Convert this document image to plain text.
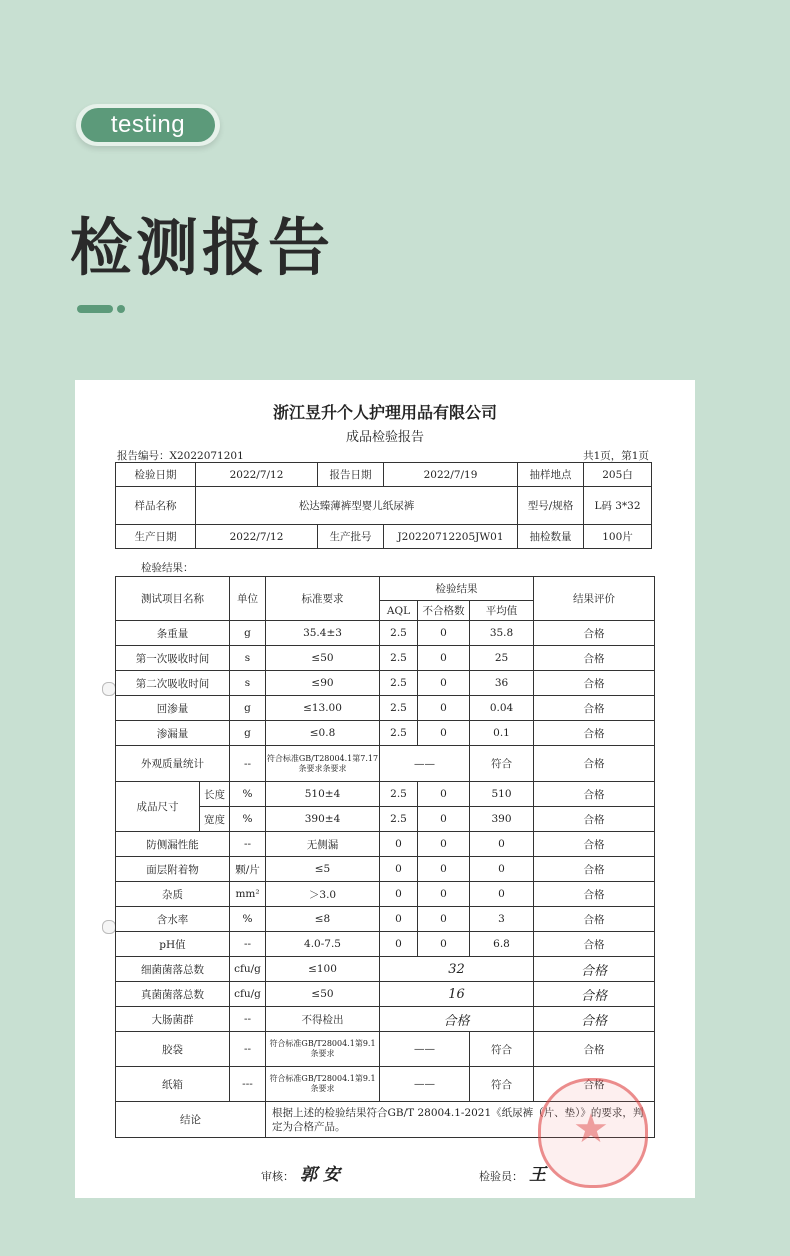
testing
检测报告
浙江昱升个人护理用品有限公司
成品检验报告
报告编号：X2022071201	共1页，第1页
检验日期	2022/7/12	报告日期	2022/7/19	抽样地点	205白
样品名称	松达臻薄裤型婴儿纸尿裤			型号/规格	L码 3*32
生产日期	2022/7/12	生产批号	J20220712205JW01	抽检数量	100片
检验结果：
测试项目名称		单位	标准要求	检验结果			结果评价
				AQL	不合格数	平均值	
条重量		g	35.4±3	2.5	0	35.8	合格
第一次吸收时间		s	≤50	2.5	0	25	合格
第二次吸收时间		s	≤90	2.5	0	36	合格
回渗量		g	≤13.00	2.5	0	0.04	合格
渗漏量		g	≤0.8	2.5	0	0.1	合格
外观质量统计		--	符合标准GB/T28004.1第7.17条要求条要求	——		符合	合格
成品尺寸	长度	%	510±4	2.5	0	510	合格
	宽度	%	390±4	2.5	0	390	合格
防侧漏性能		--	无侧漏	0	0	0	合格
面层附着物		颗/片	≤5	0	0	0	合格
杂质		mm²	＞3.0	0	0	0	合格
含水率		%	≤8	0	0	3	合格
pH值		--	4.0-7.5	0	0	6.8	合格
细菌菌落总数		cfu/g	≤100	32			合格
真菌菌落总数		cfu/g	≤50	16			合格
大肠菌群		--	不得检出	合格			合格
胶袋		--	符合标准GB/T28004.1第9.1条要求	——		符合	合格
纸箱		---	符合标准GB/T28004.1第9.1条要求	——		符合	合格
结论			根据上述的检验结果符合GB/T 28004.1-2021《纸尿裤（片、垫）》的要求，判定为合格产品。					★
审核： 郭 安	检验员： 王
